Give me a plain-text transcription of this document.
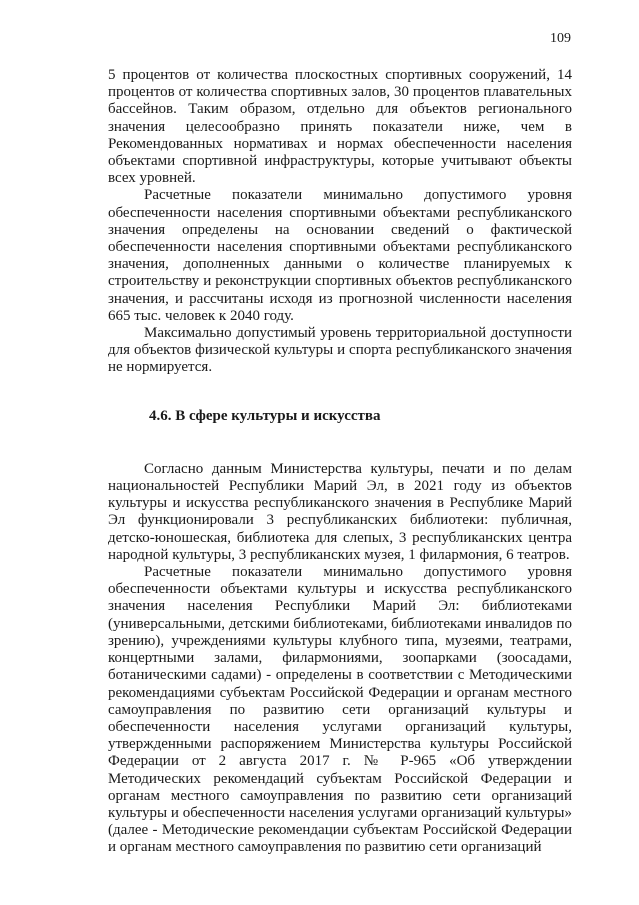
109

5 процентов от количества плоскостных спортивных сооружений, 14 процентов от количества спортивных залов, 30 процентов плавательных бассейнов. Таким образом, отдельно для объектов регионального значения целесообразно принять показатели ниже, чем в Рекомендованных нормативах и нормах обеспеченности населения объектами спортивной инфраструктуры, которые учитывают объекты всех уровней.

Расчетные показатели минимально допустимого уровня обеспеченности населения спортивными объектами республиканского значения определены на основании сведений о фактической обеспеченности населения спортивными объектами республиканского значения, дополненных данными о количестве планируемых к строительству и реконструкции спортивных объектов республиканского значения, и рассчитаны исходя из прогнозной численности населения 665 тыс. человек к 2040 году.

Максимально допустимый уровень территориальной доступности для объектов физической культуры и спорта республиканского значения не нормируется.

4.6. В сфере культуры и искусства

Согласно данным Министерства культуры, печати и по делам национальностей Республики Марий Эл, в 2021 году из объектов культуры и искусства республиканского значения в Республике Марий Эл функционировали 3 республиканских библиотеки: публичная, детско-юношеская, библиотека для слепых, 3 республиканских центра народной культуры, 3 республиканских музея, 1 филармония, 6 театров.

Расчетные показатели минимально допустимого уровня обеспеченности объектами культуры и искусства республиканского значения населения Республики Марий Эл: библиотеками (универсальными, детскими библиотеками, библиотеками инвалидов по зрению), учреждениями культуры клубного типа, музеями, театрами, концертными залами, филармониями, зоопарками (зоосадами, ботаническими садами) - определены в соответствии с Методическими рекомендациями субъектам Российской Федерации и органам местного самоуправления по развитию сети организаций культуры и обеспеченности населения услугами организаций культуры, утвержденными распоряжением Министерства культуры Российской Федерации от 2 августа 2017 г. № Р-965 «Об утверждении Методических рекомендаций субъектам Российской Федерации и органам местного самоуправления по развитию сети организаций культуры и обеспеченности населения услугами организаций культуры» (далее - Методические рекомендации субъектам Российской Федерации и органам местного самоуправления по развитию сети организаций
